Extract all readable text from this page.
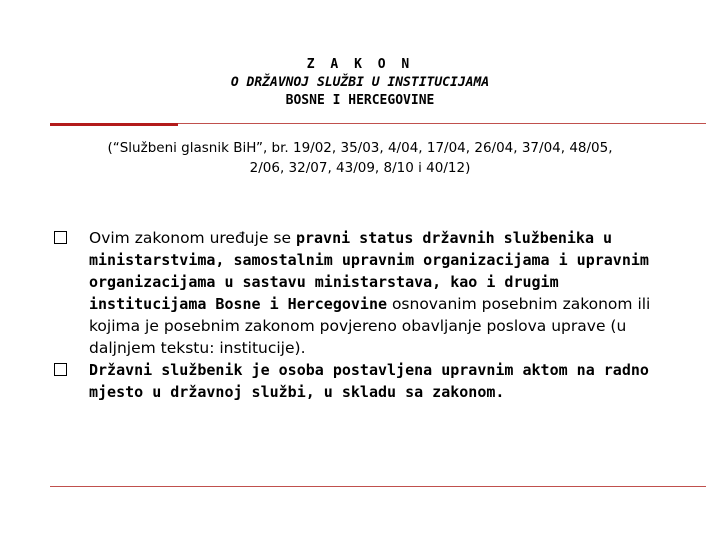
Z A K O N
O DRŽAVNOJ SLUŽBI U INSTITUCIJAMA
BOSNE I HERCEGOVINE
(“Službeni glasnik BiH”, br. 19/02, 35/03, 4/04, 17/04, 26/04, 37/04, 48/05,
2/06, 32/07, 43/09, 8/10 i 40/12)
Ovim zakonom uređuje se pravni status državnih službenika u ministarstvima, samostalnim upravnim organizacijama i upravnim organizacijama u sastavu ministarstava, kao i drugim institucijama Bosne i Hercegovine osnovanim posebnim zakonom ili kojima je posebnim zakonom povjereno obavljanje poslova uprave (u daljnjem tekstu: institucije).
Državni službenik je osoba postavljena upravnim aktom na radno mjesto u državnoj službi, u skladu sa zakonom.
